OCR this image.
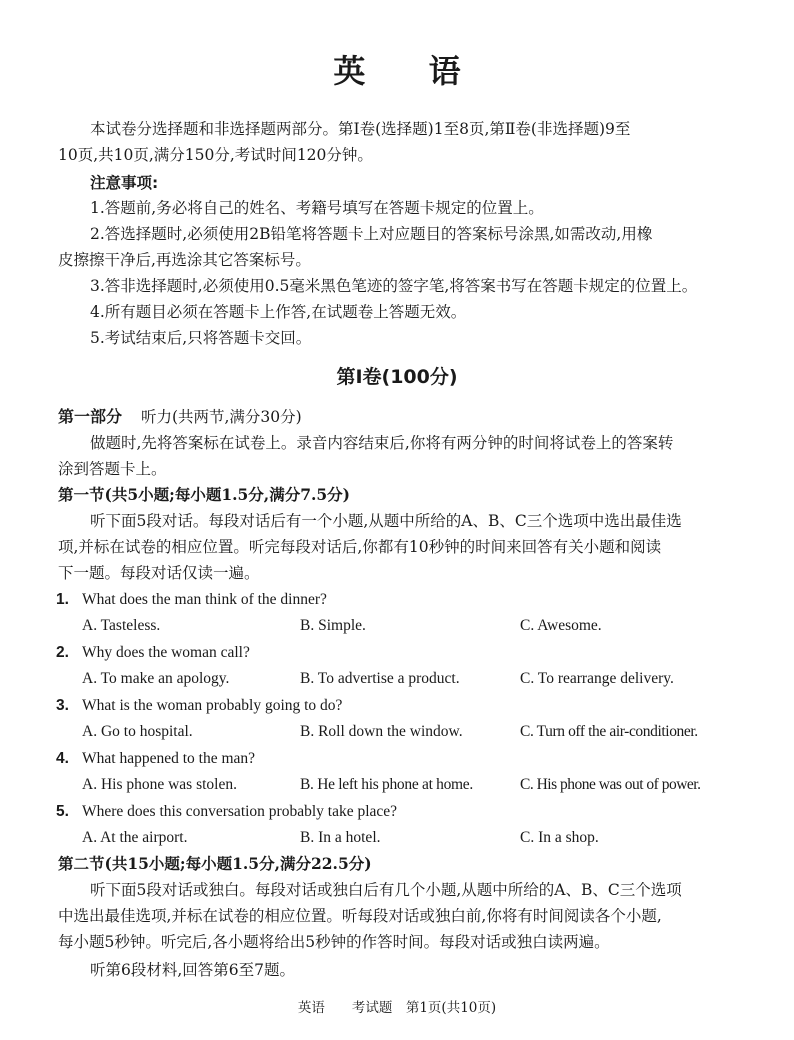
英 语
本试卷分选择题和非选择题两部分。第Ⅰ卷(选择题)1至8页,第Ⅱ卷(非选择题)9至
10页,共10页,满分150分,考试时间120分钟。
注意事项:
1.答题前,务必将自己的姓名、考籍号填写在答题卡规定的位置上。
2.答选择题时,必须使用2B铅笔将答题卡上对应题目的答案标号涂黑,如需改动,用橡
皮擦擦干净后,再选涂其它答案标号。
3.答非选择题时,必须使用0.5毫米黑色笔迹的签字笔,将答案书写在答题卡规定的位置上。
4.所有题目必须在答题卡上作答,在试题卷上答题无效。
5.考试结束后,只将答题卡交回。
第Ⅰ卷(100分)
第一部分 听力(共两节,满分30分)
做题时,先将答案标在试卷上。录音内容结束后,你将有两分钟的时间将试卷上的答案转
涂到答题卡上。
第一节(共5小题;每小题1.5分,满分7.5分)
听下面5段对话。每段对话后有一个小题,从题中所给的A、B、C三个选项中选出最佳选
项,并标在试卷的相应位置。听完每段对话后,你都有10秒钟的时间来回答有关小题和阅读
下一题。每段对话仅读一遍。
1. What does the man think of the dinner?
A. Tasteless.	B. Simple.	C. Awesome.
2. Why does the woman call?
A. To make an apology.	B. To advertise a product.	C. To rearrange delivery.
3. What is the woman probably going to do?
A. Go to hospital.	B. Roll down the window.	C. Turn off the air-conditioner.
4. What happened to the man?
A. His phone was stolen.	B. He left his phone at home.	C. His phone was out of power.
5. Where does this conversation probably take place?
A. At the airport.	B. In a hotel.	C. In a shop.
第二节(共15小题;每小题1.5分,满分22.5分)
听下面5段对话或独白。每段对话或独白后有几个小题,从题中所给的A、B、C三个选项
中选出最佳选项,并标在试卷的相应位置。听每段对话或独白前,你将有时间阅读各个小题,
每小题5秒钟。听完后,各小题将给出5秒钟的作答时间。每段对话或独白读两遍。
听第6段材料,回答第6至7题。
英语　　考试题　第1页(共10页)
